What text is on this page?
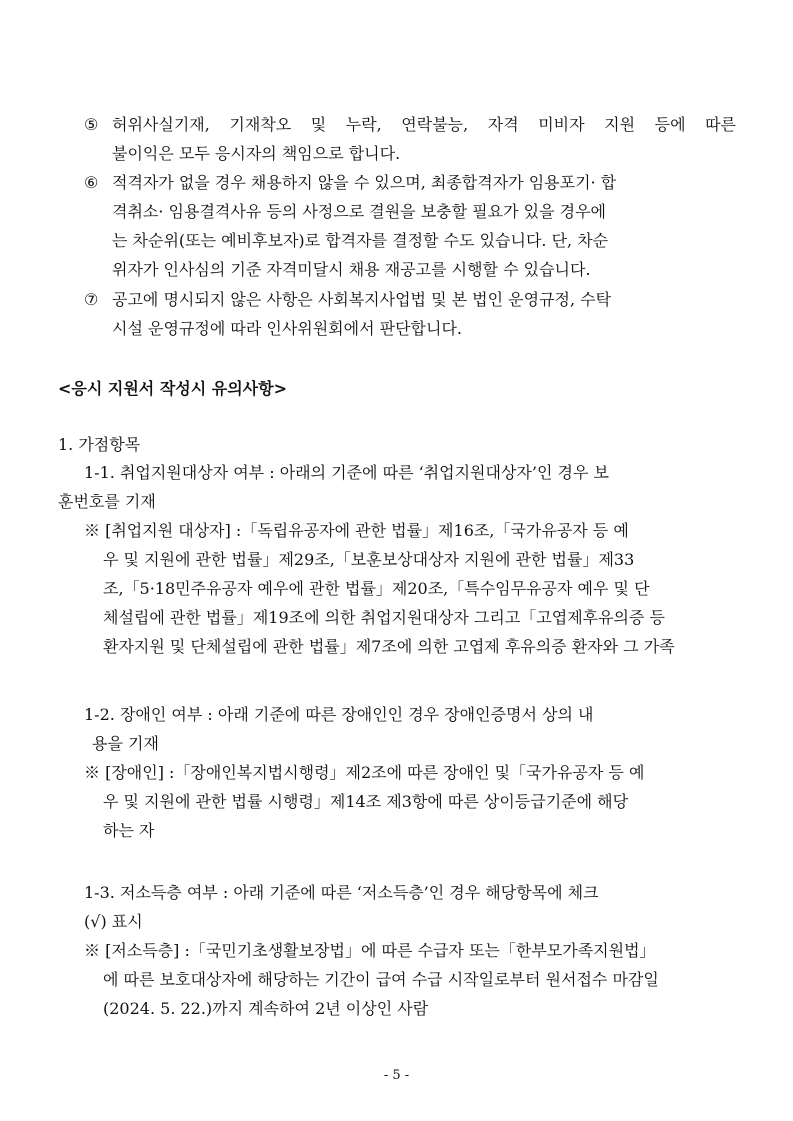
⑤ 허위사실기재, 기재착오 및 누락, 연락불능, 자격 미비자 지원 등에 따른
불이익은 모두 응시자의 책임으로 합니다.
⑥ 적격자가 없을 경우 채용하지 않을 수 있으며, 최종합격자가 임용포기· 합
격취소· 임용결격사유 등의 사정으로 결원을 보충할 필요가 있을 경우에
는 차순위(또는 예비후보자)로 합격자를 결정할 수도 있습니다. 단, 차순
위자가 인사심의 기준 자격미달시 채용 재공고를 시행할 수 있습니다.
⑦ 공고에 명시되지 않은 사항은 사회복지사업법 및 본 법인 운영규정, 수탁
시설 운영규정에 따라 인사위원회에서 판단합니다.
<응시 지원서 작성시 유의사항>
1. 가점항목
1-1. 취업지원대상자 여부 : 아래의 기준에 따른 ‘취업지원대상자’인 경우 보
훈번호를 기재
※ [취업지원 대상자] :「독립유공자에 관한 법률」제16조,「국가유공자 등 예
우 및 지원에 관한 법률」제29조,「보훈보상대상자 지원에 관한 법률」제33
조,「5·18민주유공자 예우에 관한 법률」제20조,「특수임무유공자 예우 및 단
체설립에 관한 법률」제19조에 의한 취업지원대상자 그리고「고엽제후유의증 등
환자지원 및 단체설립에 관한 법률」제7조에 의한 고엽제 후유의증 환자와 그 가족
1-2. 장애인 여부 : 아래 기준에 따른 장애인인 경우 장애인증명서 상의 내
용을 기재
※ [장애인] :「장애인복지법시행령」제2조에 따른 장애인 및「국가유공자 등 예
우 및 지원에 관한 법률 시행령」제14조 제3항에 따른 상이등급기준에 해당
하는 자
1-3. 저소득층 여부 : 아래 기준에 따른 ‘저소득층’인 경우 해당항목에 체크
(√) 표시
※ [저소득층] :「국민기초생활보장법」에 따른 수급자 또는「한부모가족지원법」
에 따른 보호대상자에 해당하는 기간이 급여 수급 시작일로부터 원서접수 마감일
(2024. 5. 22.)까지 계속하여 2년 이상인 사람
- 5 -
